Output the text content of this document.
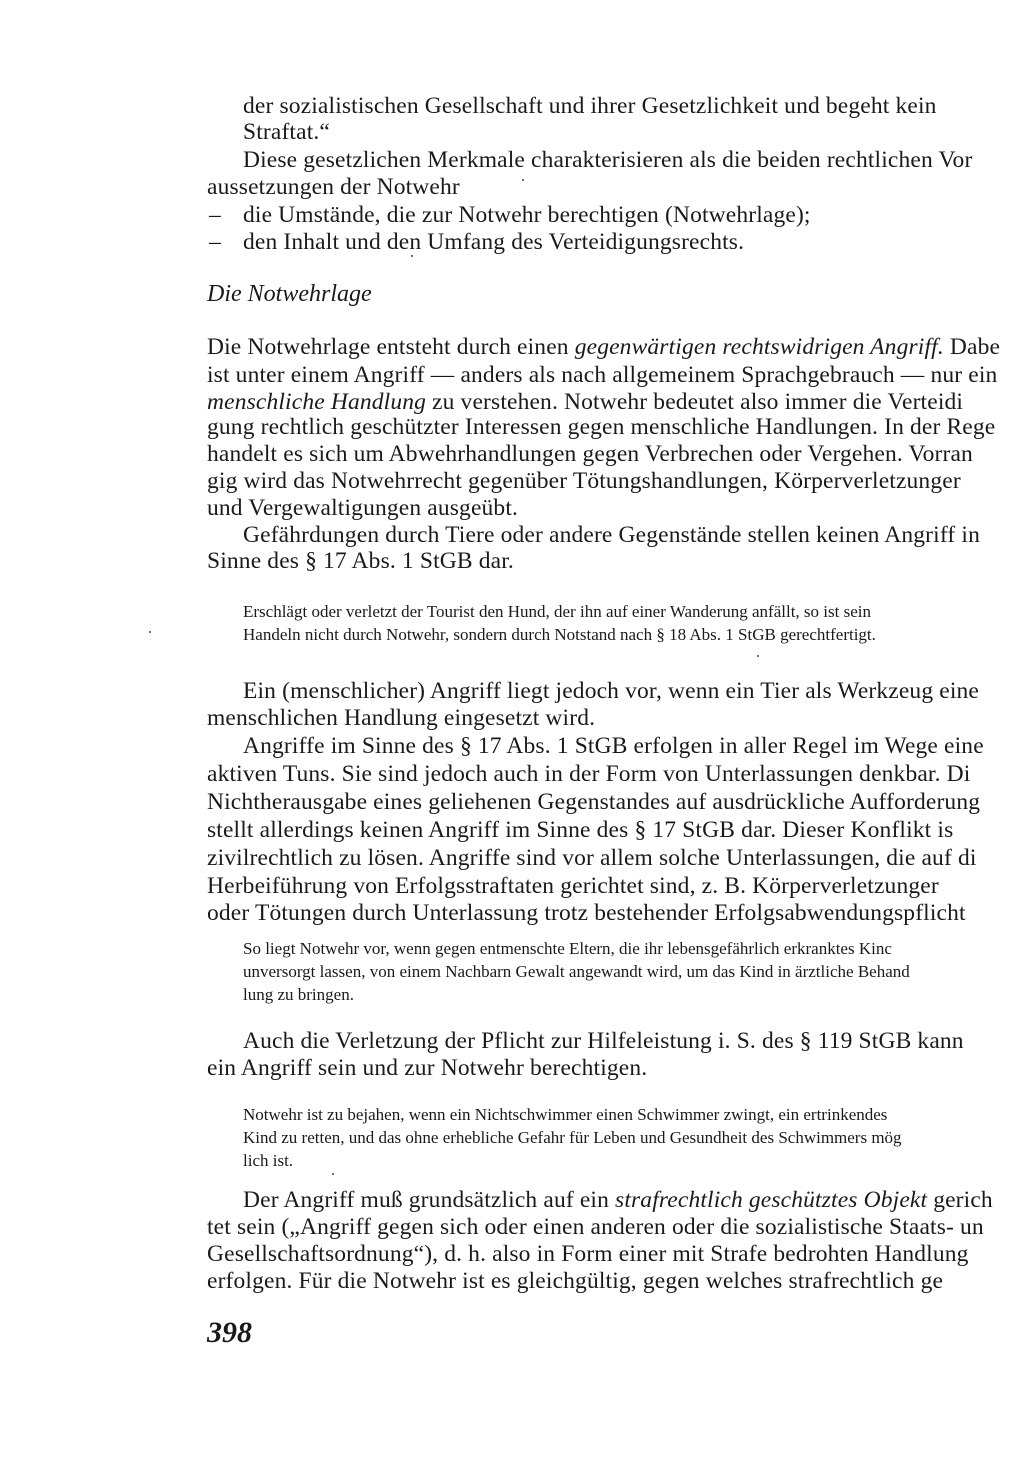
der sozialistischen Gesellschaft und ihrer Gesetzlichkeit und begeht kein
Straftat.“
Diese gesetzlichen Merkmale charakterisieren als die beiden rechtlichen Vor
aussetzungen der Notwehr
– die Umstände, die zur Notwehr berechtigen (Notwehrlage);
– den Inhalt und den Umfang des Verteidigungsrechts.
Die Notwehrlage
Die Notwehrlage entsteht durch einen gegenwärtigen rechtswidrigen Angriff. Dabe
ist unter einem Angriff — anders als nach allgemeinem Sprachgebrauch — nur ein
menschliche Handlung zu verstehen. Notwehr bedeutet also immer die Verteidi
gung rechtlich geschützter Interessen gegen menschliche Handlungen. In der Rege
handelt es sich um Abwehrhandlungen gegen Verbrechen oder Vergehen. Vorran
gig wird das Notwehrrecht gegenüber Tötungshandlungen, Körperverletzunger
und Vergewaltigungen ausgeübt.
Gefährdungen durch Tiere oder andere Gegenstände stellen keinen Angriff in
Sinne des § 17 Abs. 1 StGB dar.
Erschlägt oder verletzt der Tourist den Hund, der ihn auf einer Wanderung anfällt, so ist sein
Handeln nicht durch Notwehr, sondern durch Notstand nach § 18 Abs. 1 StGB gerechtfertigt.
Ein (menschlicher) Angriff liegt jedoch vor, wenn ein Tier als Werkzeug eine
menschlichen Handlung eingesetzt wird.
Angriffe im Sinne des § 17 Abs. 1 StGB erfolgen in aller Regel im Wege eine
aktiven Tuns. Sie sind jedoch auch in der Form von Unterlassungen denkbar. Di
Nichtherausgabe eines geliehenen Gegenstandes auf ausdrückliche Aufforderung
stellt allerdings keinen Angriff im Sinne des § 17 StGB dar. Dieser Konflikt is
zivilrechtlich zu lösen. Angriffe sind vor allem solche Unterlassungen, die auf di
Herbeiführung von Erfolgsstraftaten gerichtet sind, z. B. Körperverletzunger
oder Tötungen durch Unterlassung trotz bestehender Erfolgsabwendungspflicht
So liegt Notwehr vor, wenn gegen entmenschte Eltern, die ihr lebensgefährlich erkranktes Kinc
unversorgt lassen, von einem Nachbarn Gewalt angewandt wird, um das Kind in ärztliche Behand
lung zu bringen.
Auch die Verletzung der Pflicht zur Hilfeleistung i. S. des § 119 StGB kann
ein Angriff sein und zur Notwehr berechtigen.
Notwehr ist zu bejahen, wenn ein Nichtschwimmer einen Schwimmer zwingt, ein ertrinkendes
Kind zu retten, und das ohne erhebliche Gefahr für Leben und Gesundheit des Schwimmers mög
lich ist.
Der Angriff muß grundsätzlich auf ein strafrechtlich geschütztes Objekt gerich
tet sein („Angriff gegen sich oder einen anderen oder die sozialistische Staats- un
Gesellschaftsordnung“), d. h. also in Form einer mit Strafe bedrohten Handlung
erfolgen. Für die Notwehr ist es gleichgültig, gegen welches strafrechtlich ge
398
